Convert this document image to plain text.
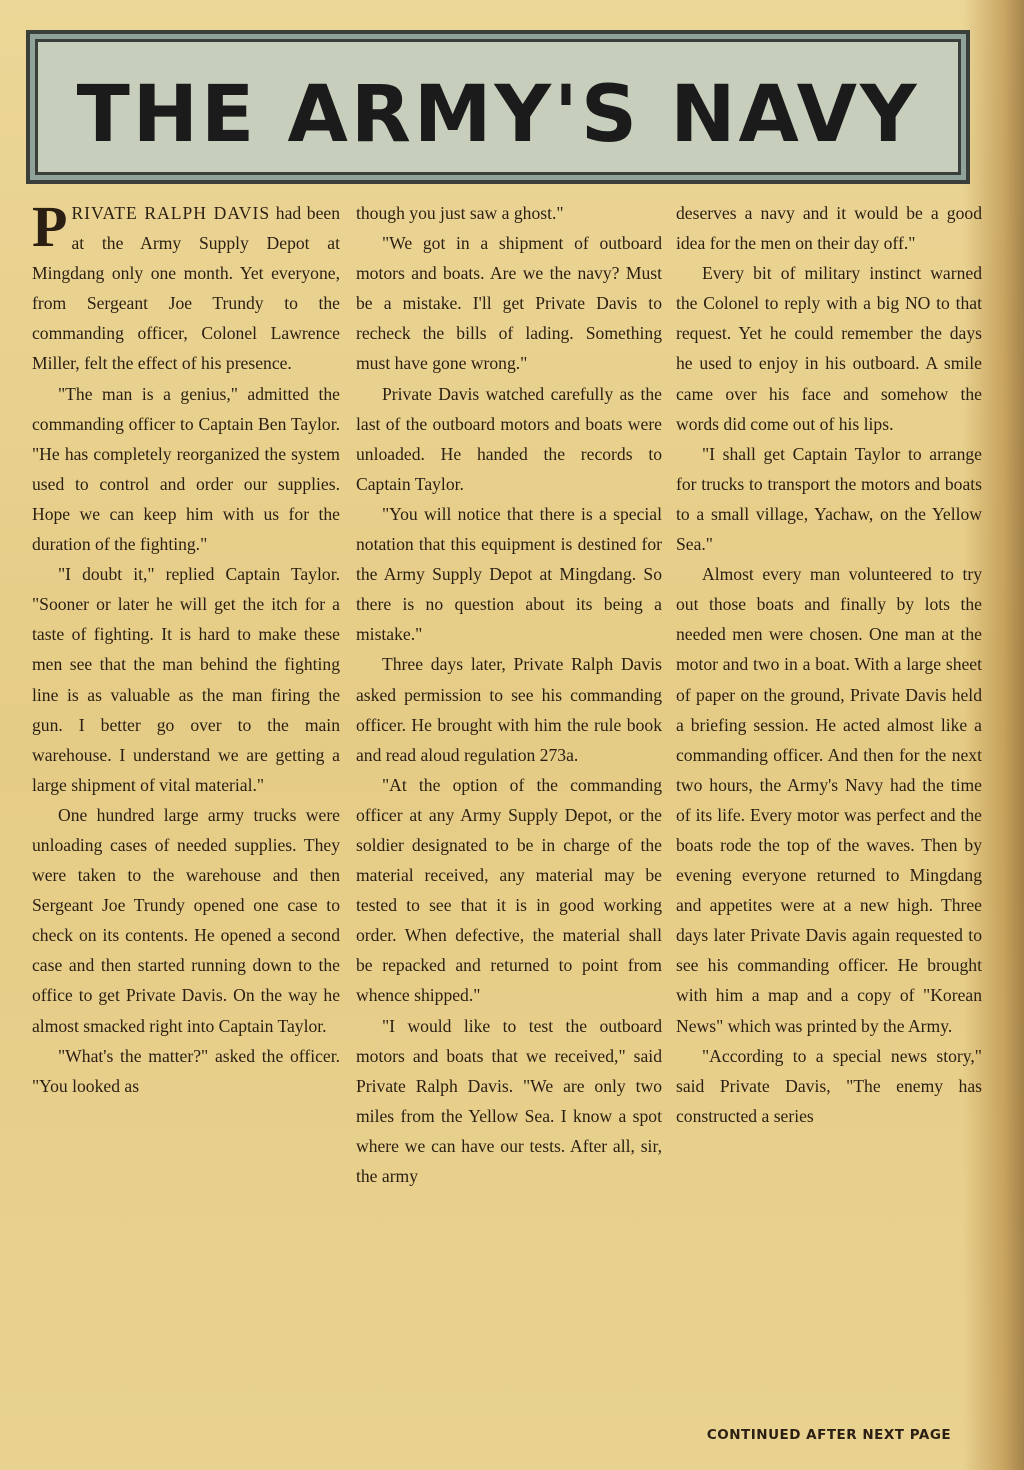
THE ARMY'S NAVY

PRIVATE RALPH DAVIS had been at the Army Supply Depot at Mingdang only one month. Yet everyone, from Sergeant Joe Trundy to the commanding officer, Colonel Lawrence Miller, felt the effect of his presence.

"The man is a genius," admitted the commanding officer to Captain Ben Taylor. "He has completely reorganized the system used to control and order our supplies. Hope we can keep him with us for the duration of the fighting."

"I doubt it," replied Captain Taylor. "Sooner or later he will get the itch for a taste of fighting. It is hard to make these men see that the man behind the fighting line is as valuable as the man firing the gun. I better go over to the main warehouse. I understand we are getting a large shipment of vital material."

One hundred large army trucks were unloading cases of needed supplies. They were taken to the warehouse and then Sergeant Joe Trundy opened one case to check on its contents. He opened a second case and then started running down to the office to get Private Davis. On the way he almost smacked right into Captain Taylor.

"What's the matter?" asked the officer. "You looked as

though you just saw a ghost."

"We got in a shipment of outboard motors and boats. Are we the navy? Must be a mistake. I'll get Private Davis to recheck the bills of lading. Something must have gone wrong."

Private Davis watched carefully as the last of the outboard motors and boats were unloaded. He handed the records to Captain Taylor.

"You will notice that there is a special notation that this equipment is destined for the Army Supply Depot at Mingdang. So there is no question about its being a mistake."

Three days later, Private Ralph Davis asked permission to see his commanding officer. He brought with him the rule book and read aloud regulation 273a.

"At the option of the commanding officer at any Army Supply Depot, or the soldier designated to be in charge of the material received, any material may be tested to see that it is in good working order. When defective, the material shall be repacked and returned to point from whence shipped."

"I would like to test the outboard motors and boats that we received," said Private Ralph Davis. "We are only two miles from the Yellow Sea. I know a spot where we can have our tests. After all, sir, the army

deserves a navy and it would be a good idea for the men on their day off."

Every bit of military instinct warned the Colonel to reply with a big NO to that request. Yet he could remember the days he used to enjoy in his outboard. A smile came over his face and somehow the words did come out of his lips.

"I shall get Captain Taylor to arrange for trucks to transport the motors and boats to a small village, Yachaw, on the Yellow Sea."

Almost every man volunteered to try out those boats and finally by lots the needed men were chosen. One man at the motor and two in a boat. With a large sheet of paper on the ground, Private Davis held a briefing session. He acted almost like a commanding officer. And then for the next two hours, the Army's Navy had the time of its life. Every motor was perfect and the boats rode the top of the waves. Then by evening everyone returned to Mingdang and appetites were at a new high. Three days later Private Davis again requested to see his commanding officer. He brought with him a map and a copy of "Korean News" which was printed by the Army.

"According to a special news story," said Private Davis, "The enemy has constructed a series

CONTINUED AFTER NEXT PAGE
